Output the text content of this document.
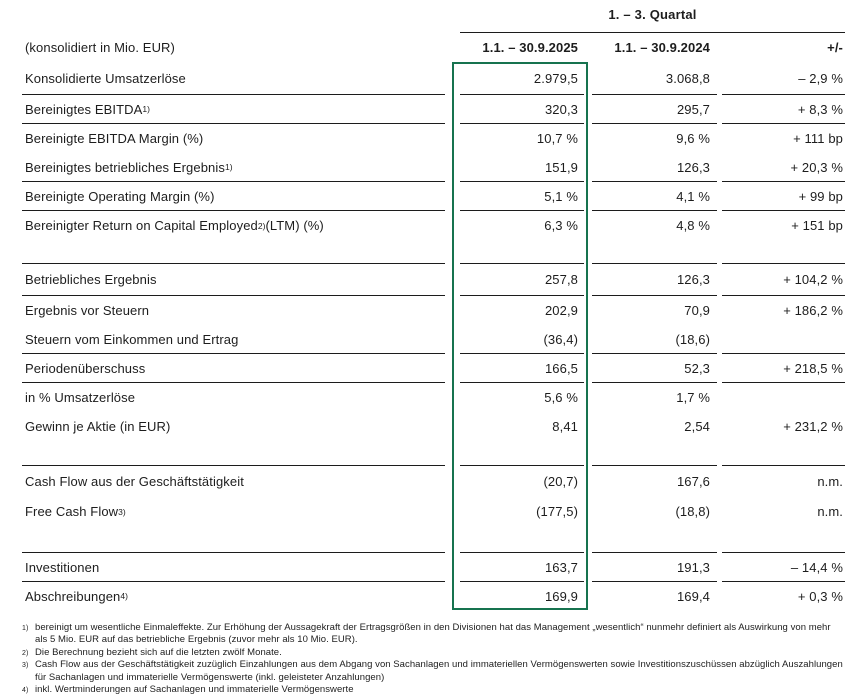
1. – 3. Quartal
(konsolidiert in Mio. EUR)	1.1. – 30.9.2025	1.1. – 30.9.2024	+/-
Konsolidierte Umsatzerlöse	2.979,5	3.068,8	– 2,9 %
Bereinigtes EBITDA 1)	320,3	295,7	+ 8,3 %
Bereinigte EBITDA Margin (%)	10,7 %	9,6 %	+ 111 bp
Bereinigtes betriebliches Ergebnis 1)	151,9	126,3	+ 20,3 %
Bereinigte Operating Margin (%)	5,1 %	4,1 %	+ 99 bp
Bereinigter Return on Capital Employed 2) (LTM) (%)	6,3 %	4,8 %	+ 151 bp
Betriebliches Ergebnis	257,8	126,3	+ 104,2 %
Ergebnis vor Steuern	202,9	70,9	+ 186,2 %
Steuern vom Einkommen und Ertrag	(36,4)	(18,6)
Periodenüberschuss	166,5	52,3	+ 218,5 %
in % Umsatzerlöse	5,6 %	1,7 %
Gewinn je Aktie (in EUR)	8,41	2,54	+ 231,2 %
Cash Flow aus der Geschäftstätigkeit	(20,7)	167,6	n.m.
Free Cash Flow 3)	(177,5)	(18,8)	n.m.
Investitionen	163,7	191,3	– 14,4 %
Abschreibungen 4)	169,9	169,4	+ 0,3 %
1) bereinigt um wesentliche Einmaleffekte. Zur Erhöhung der Aussagekraft der Ertragsgrößen in den Divisionen hat das Management „wesentlich“ nunmehr definiert als Auswirkung von mehr als 5 Mio. EUR auf das betriebliche Ergebnis (zuvor mehr als 10 Mio. EUR).
2) Die Berechnung bezieht sich auf die letzten zwölf Monate.
3) Cash Flow aus der Geschäftstätigkeit zuzüglich Einzahlungen aus dem Abgang von Sachanlagen und immateriellen Vermögenswerten sowie Investitionszuschüssen abzüglich Auszahlungen für Sachanlagen und immaterielle Vermögenswerte (inkl. geleisteter Anzahlungen)
4) inkl. Wertminderungen auf Sachanlagen und immaterielle Vermögenswerte
